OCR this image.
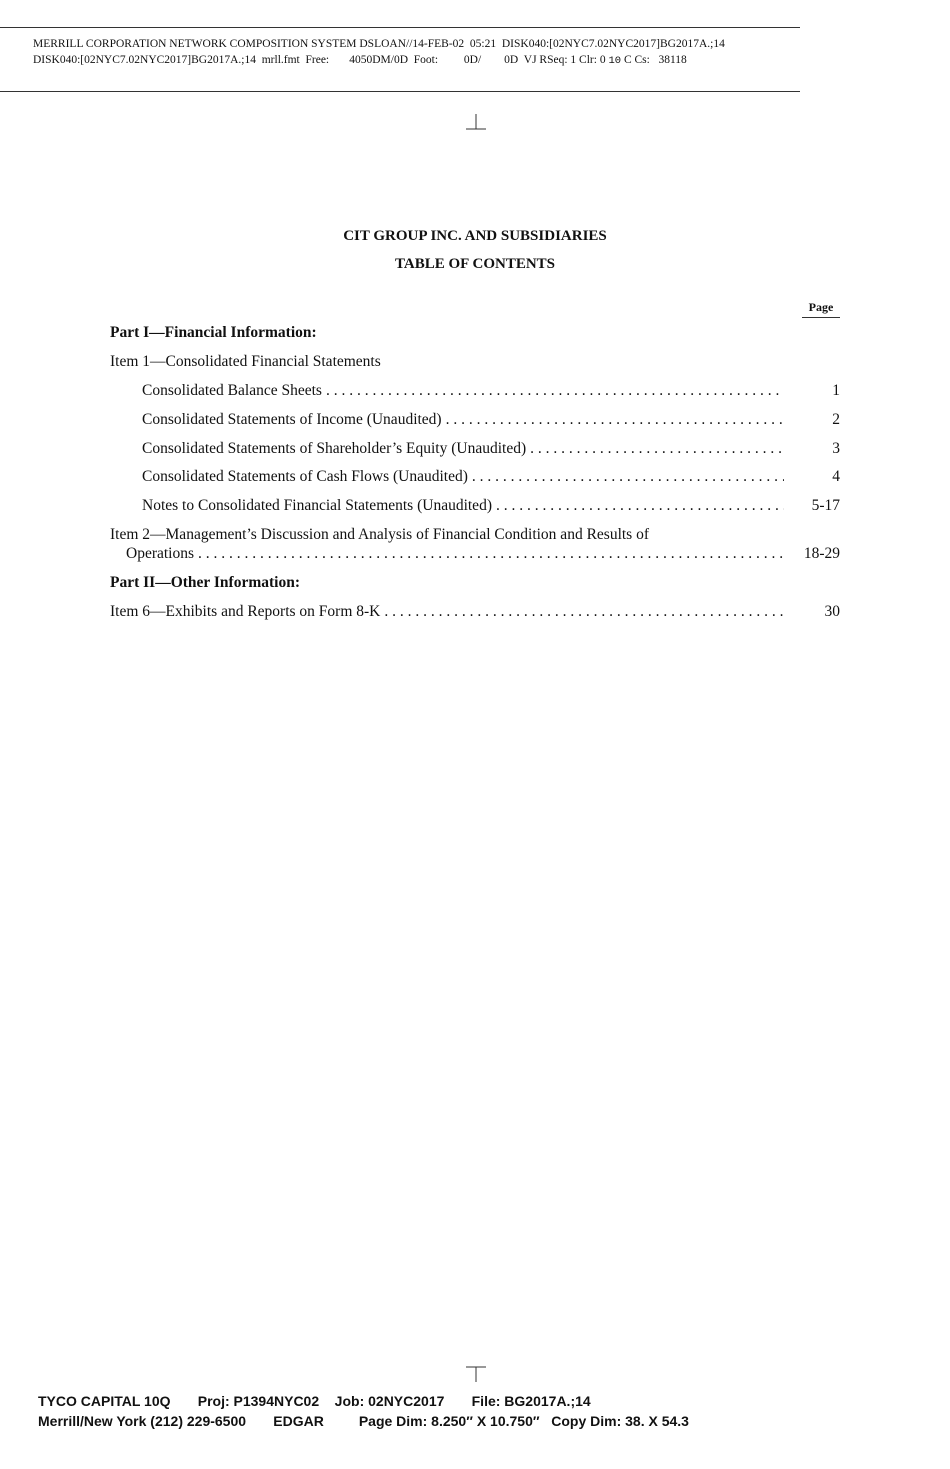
MERRILL CORPORATION NETWORK COMPOSITION SYSTEM DSLOAN//14-FEB-02  05:21  DISK040:[02NYC7.02NYC2017]BG2017A.;14
DISK040:[02NYC7.02NYC2017]BG2017A.;14  mrll.fmt  Free:       4050DM/0D  Foot:         0D/        0D  VJ RSeq: 1 Clr: 0 10 C Cs:   38118
CIT GROUP INC. AND SUBSIDIARIES
TABLE OF CONTENTS
Page
Part I—Financial Information:
Item 1—Consolidated Financial Statements
Consolidated Balance Sheets . . .	1
Consolidated Statements of Income (Unaudited) . . .	2
Consolidated Statements of Shareholder’s Equity (Unaudited) . . .	3
Consolidated Statements of Cash Flows (Unaudited) . . .	4
Notes to Consolidated Financial Statements (Unaudited) . . .	5-17
Item 2—Management’s Discussion and Analysis of Financial Condition and Results of
Operations . . .	18-29
Part II—Other Information:
Item 6—Exhibits and Reports on Form 8-K . . .	30
TYCO CAPITAL 10Q       Proj: P1394NYC02    Job: 02NYC2017       File: BG2017A.;14
Merrill/New York (212) 229-6500       EDGAR         Page Dim: 8.250″ X 10.750″   Copy Dim: 38. X 54.3
